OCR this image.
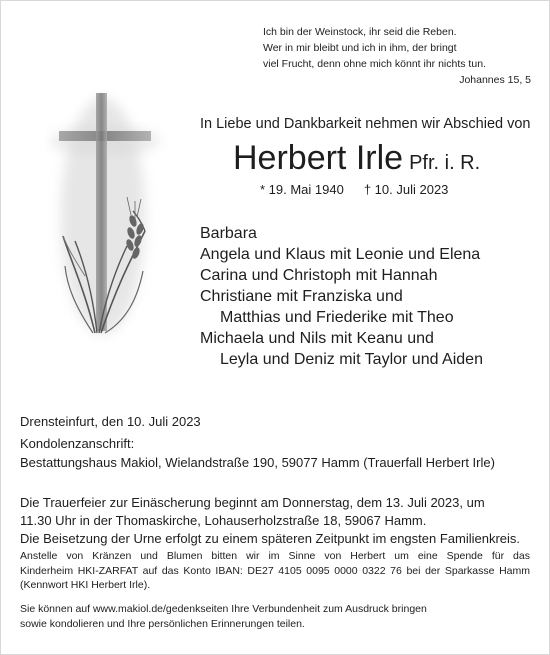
Ich bin der Weinstock, ihr seid die Reben.
Wer in mir bleibt und ich in ihm, der bringt
viel Frucht, denn ohne mich könnt ihr nichts tun.
Johannes 15, 5
In Liebe und Dankbarkeit nehmen wir Abschied von
Herbert Irle Pfr. i. R.
* 19. Mai 1940 † 10. Juli 2023
Barbara
Angela und Klaus mit Leonie und Elena
Carina und Christoph mit Hannah
Christiane mit Franziska und
Matthias und Friederike mit Theo
Michaela und Nils mit Keanu und
Leyla und Deniz mit Taylor und Aiden
Drensteinfurt, den 10. Juli 2023
Kondolenzanschrift:
Bestattungshaus Makiol, Wielandstraße 190, 59077 Hamm (Trauerfall Herbert Irle)
Die Trauerfeier zur Einäscherung beginnt am Donnerstag, dem 13. Juli 2023, um
11.30 Uhr in der Thomaskirche, Lohauserholzstraße 18, 59067 Hamm.
Die Beisetzung der Urne erfolgt zu einem späteren Zeitpunkt im engsten Familienkreis.
Anstelle von Kränzen und Blumen bitten wir im Sinne von Herbert um eine Spende für das
Kinderheim HKI-ZARFAT auf das Konto IBAN: DE27 4105 0095 0000 0322 76 bei der Sparkasse Hamm
(Kennwort HKI Herbert Irle).
Sie können auf www.makiol.de/gedenkseiten Ihre Verbundenheit zum Ausdruck bringen
sowie kondolieren und Ihre persönlichen Erinnerungen teilen.
